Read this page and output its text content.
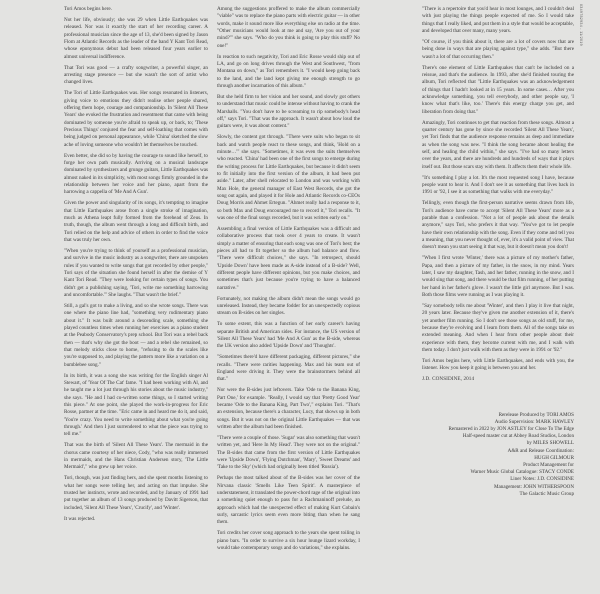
Tori Amos begins here.

Not her life, obviously; she was 29 when Little Earthquakes was released. Nor was it exactly the start of her recording career. A professional musician since the age of 13, she'd been signed by Jason Flom at Atlantic Records as the leader of the band Y Kant Tori Read, whose eponymous debut had been released four years earlier to almost universal indifference.

That Tori was good — a crafty songwriter, a powerful singer, an arresting stage presence — but she wasn't the sort of artist who changed lives.

The Tori of Little Earthquakes was. Her songs resonated in listeners, giving voice to emotions they didn't realise other people shared, offering them hope, courage and companionship. In 'Silent All These Years' she evoked the frustration and resentment that came with being dominated by someone you're afraid to speak up, or back, to; 'These Precious Things' conjured the fear and self-loathing that comes with being judged on personal appearance, while 'China' sketched the slow ache of loving someone who wouldn't let themselves be touched.

Even better, she did so by having the courage to sound like herself, to forge her own path musically. Arriving on a musical landscape dominated by synthesizers and grunge guitars, Little Earthquakes was almost naked in its simplicity, with most songs firmly grounded in the relationship between her voice and her piano, apart from the harrowing a cappella of 'Me And A Gun'.

Given the power and singularity of its songs, it's tempting to imagine that Little Earthquakes arose from a single stroke of imagination, much as Athena leapt fully formed from the forehead of Zeus. In truth, though, the album went through a long and difficult birth, and Tori relied on the help and advice of others in order to find the voice that was truly her own.

"When you're trying to think of yourself as a professional musician, and survive in the music industry as a songwriter, there are unspoken rules if you wanted to write songs that got recorded by other people," Tori says of the situation she found herself in after the demise of Y Kant Tori Read. "They were looking for certain types of songs. You didn't get a publishing saying, 'Tori, write me something harrowing and uncomfortable.'" She laughs. "That wasn't the brief."

Still, a gal's got to make a living, and so she wrote songs. There was one where the piano line had, "something very rudimentary piano about it." It was built around a descending scale, something she played countless times when running her exercises as a piano student at the Peabody Conservatory's prep school. But Tori was a rebel back then — that's why she got the boot — and a rebel she remained, so that melody sticks close to home, "refusing to do the scales like you're supposed to, and playing the pattern more like a variation on a bumblebee song."

In its birth, it was a song she was writing for the English singer Al Stewart, of 'Year Of The Cat' fame. "I had been working with Al, and he taught me a lot just through his stories about the music industry," she says. "He and I had co-written some things, so I started writing this piece." At one point, she played the work-in-progress for Eric Rosse, partner at the time. "Eric came in and heard me do it, and said, 'You're crazy. You need to write something about what you're going through.' And then I just surrendered to what the piece was trying to tell me."

That was the birth of 'Silent All These Years'. The mermaid in the chorus came courtesy of her niece, Cody, "who was really immersed in mermaids, and the Hans Christian Andersen story, 'The Little Mermaid'," who grew up her voice.

Tori, though, was just finding hers, and she spent months listening to what her songs were telling her, and acting on that impulse. She trusted her instincts, wrote and recorded, and by January of 1991 had put together an album of 13 songs produced by Davitt Sigerson, that included, 'Silent All These Years', 'Crucify', and 'Winter'.

It was rejected.

Among the suggestions proffered to make the album commercially "viable" was to replace the piano parts with electric guitar — in other words, make it sound more like everything else on radio at the time. "Other musicians would look at me and say, 'Are you out of your mind?'" she says. "Who do you think is going to play this stuff? No one!"

In reaction to such negativity, Tori and Eric Rosse would ship out of LA, and go on long drives through the West and Southwest, "from Montana on down," as Tori remembers it. "I would keep going back to the land, and the land kept giving me enough strength to go through another incarnation of this album."

But she held firm to her vision and her sound, and slowly got others to understand that music could be intense without having to crank the Marshalls. "You don't have to be screaming to rip somebody's head off," says Tori. "That was the approach. It wasn't about how loud the guitars were, it was about content."

Slowly, the content got through. "There were suits who began to sit back and watch people react to these songs, and think, 'Hold on a minute…'" she says. "Sometimes, it was even the suits themselves who reacted. 'China' had been one of the first songs to emerge during the writing process for Little Earthquakes, but because it didn't seem to fit initially into the first version of the album, it had been put aside." Later, after shell relocated to London and was working with Max Hole, the general manager of East West Records, she got the song out again, and played it for Hole and Atlantic Records co-CEOs Doug Morris and Ahmet Ertegun. "Ahmet really had a response to it, so both Max and Doug encouraged me to record it," Tori recalls. "It was one of the final songs recorded, but it was written early on."

Assembling a final version of Little Earthquakes was a difficult and collaborative process that took over 4 years to create. It wasn't simply a matter of ensuring that each song was one of Tori's best; the pieces all had to fit together so the album had balance and flow. "There were difficult choices," she says. "In retrospect, should 'Upside Down' have been made as A-side instead of a B-side? Well, different people have different opinions, but you make choices, and sometimes that's just because you're trying to have a balanced narrative."

Fortunately, not making the album didn't mean the songs would go unreleased. Instead, they became fodder for an unexpectedly copious stream on B-sides on her singles.

To some extent, this was a function of her early career's having separate British and American sides. For instance, the US version of 'Silent All These Years' had 'Me And A Gun' as the B-side, whereas the UK version also added 'Upside Down' and 'Thoughts'.

"Sometimes there'd have different packaging, different pictures," she recalls. "There were rarities happening. Max and his team out of England were driving it. They were the brainstormers behind all that."

Nor were the B-sides just leftovers. Take 'Ode to the Banana King, Part One,' for example. "Really, I would say that 'Pretty Good Year' became 'Ode to the Banana King, Part Two'," explains Tori. "That's an extension, because there's a character, Lucy, that shows up in both songs. But it was not on the original Little Earthquakes — that was written after the album had been finished.

"There were a couple of those. 'Sugar' was also something that wasn't written yet, and 'Here In My Head'. They were not on the original." The B-sides that came from the first version of Little Earthquakes were 'Upside Down', 'Flying Dutchman', 'Mary', 'Sweet Dreams' and 'Take to the Sky' (which had originally been titled 'Russia').

Perhaps the most talked about of the B-sides was her cover of the Nirvana classic 'Smells Like Teen Spirit'. A masterpiece of understatement, it translated the power-chord rage of the original into a something quiet enough to pass for a Rachmaninoff prelude, an approach which had the unexpected effect of making Kurt Cobain's surly, sarcastic lyrics seem even more biting than when he sang them.

Tori credits her cover song approach to the years she spent toiling in piano bars. "In order to survive a six hour lounge lizard workday, I would take contemporary songs and do variations," she explains.

"There is a repertoire that you'd hear in most lounges, and I couldn't deal with just playing the things people expected of me. So I would take things that I really liked, and put them in a style that would be acceptable, and developed that over many, many years.

"Of course, if you think about it, there are a lot of covers now that are being done in ways that are playing against type," she adds. "But there wasn't a lot of that occurring then."

There's one element of Little Earthquakes that can't be included on a reissue, and that's the audience. In 1993, after she'd finished touring the album, Tori reflected that "Little Earthquakes was an acknowledgement of things that I hadn't looked at in 15 years. In some cases… After you acknowledge something, you tell everybody, and other people say, 'I know what that's like, too.' There's this energy charge you get, and liberation from doing that."

Amazingly, Tori continues to get that reaction from these songs. Almost a quarter century has gone by since she recorded 'Silent All These Years', yet Tori finds that the audience response remains as deep and immediate as when the song was new. "I think the song became about healing the self, and healing the child within," she says. "I've had so many letters over the years, and there are hundreds and hundreds of ways that it plays itself out. But those scars stay with them. It affects them their whole life.

"It's something I play a lot. It's the most requested song I have, because people want to hear it. And I don't see it as something that lives back in 1991 or '92, I see it as something that walks with me everyday."

Tellingly, even though the first-person narrative seems drawn from life, Tori's audience have come to accept 'Silent All These Years' more as a parable than a confession. "Not a lot of people ask about the details anymore," says Tori, who prefers it that way. "You've got to let people have their own relationship with the song. Even if they come and tell you a meaning, that you never thought of, ever, it's a valid point of view. That doesn't mean you start seeing it that way, but it doesn't mean you don't!

"When I first wrote 'Winter,' there was a picture of my mother's father, Papa, and then a picture of my father, in the snow, in my mind. Years later, I saw my daughter, Tash, and her father, running in the snow, and I would sing that song, and there would be that film running, of her putting her hand in her father's glove. I wasn't the little girl anymore. But I was. Both those films were running as I was playing it.

"Say somebody tells me about 'Winter', and then I play it live that night, 20 years later. Because they've given me another extension of it, there's yet another film running. So I don't see those songs as old stuff, for me, because they're evolving and I learn from them. All of the songs take on extended meaning. And when I hear from other people about their experience with them, they become current with me, and I walk with them today. I don't just walk with them as they were in 1991 or '92."

Tori Amos begins here, with Little Earthquakes, and ends with you, the listener. How you keep it going is between you and her.

J.D. CONSIDINE, 2014
Rerelease Produced by TORI AMOS
Audio Supervision: MARK HAWLEY
Remastered in 2022 by JON ASTLEY for Close To The Edge
Half-speed master cut at Abbey Road Studios, London
by MILES SHOWELL
A&R and Release Coordination:
HUGH GILMOUR
Product Management for
Warner Music Global Catalogue: STACY CONDE
Liner Notes: J.D. CONSIDINE
Management: JOHN WITHERSPOON
The Galactic Music Group
0349782934 - 11/2019
